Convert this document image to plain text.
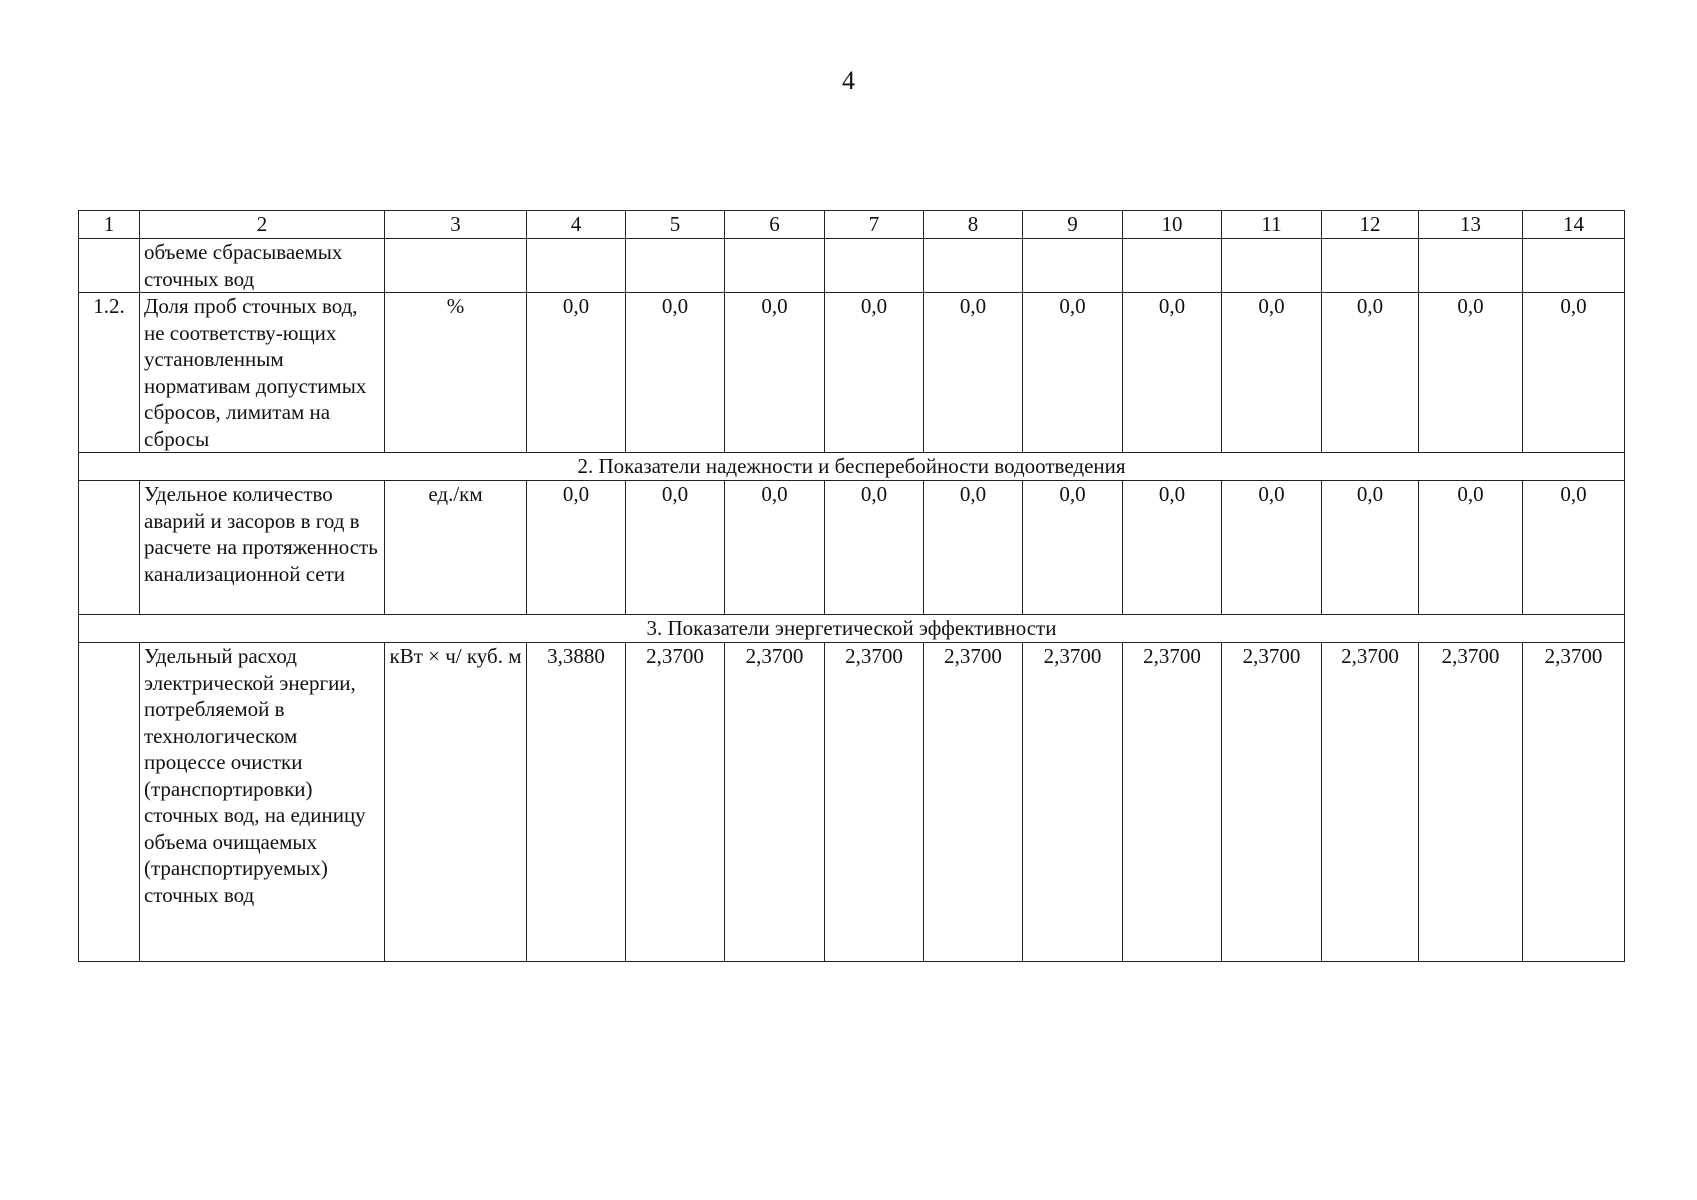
4
1	2	3	4	5	6	7	8	9	10	11	12	13	14
	объеме сбрасываемых сточных вод												
1.2.	Доля проб сточных вод, не соответству-ющих установленным нормативам допустимых сбросов, лимитам на сбросы	%	0,0	0,0	0,0	0,0	0,0	0,0	0,0	0,0	0,0	0,0	0,0
2. Показатели надежности и бесперебойности водоотведения													
	Удельное количество аварий и засоров в год в расчете на протяженность канализационной сети	ед./км	0,0	0,0	0,0	0,0	0,0	0,0	0,0	0,0	0,0	0,0	0,0
3. Показатели энергетической эффективности													
	Удельный расход электрической энергии, потребляемой в технологическом процессе очистки (транспортировки) сточных вод, на единицу объема очищаемых (транспортируемых) сточных вод	кВт × ч/ куб. м	3,3880	2,3700	2,3700	2,3700	2,3700	2,3700	2,3700	2,3700	2,3700	2,3700	2,3700
